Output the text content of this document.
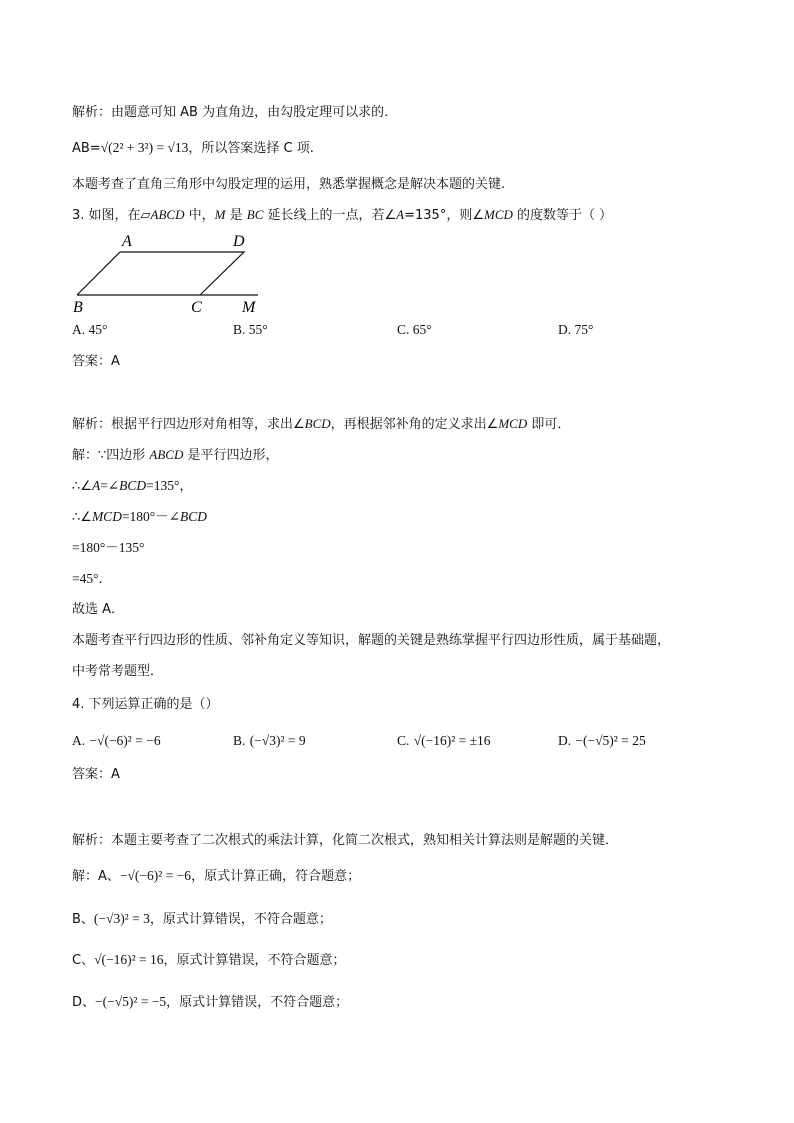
解析：由题意可知 AB 为直角边，由勾股定理可以求的.
AB=√(2² + 3²) = √13，所以答案选择 C 项.
本题考查了直角三角形中勾股定理的运用，熟悉掌握概念是解决本题的关键.
3. 如图，在▱ABCD 中，M 是 BC 延长线上的一点，若∠A=135°，则∠MCD 的度数等于（ ）
A	D
B	C	M
A. 45°	B. 55°	C. 65°	D. 75°
答案：A
解析：根据平行四边形对角相等，求出∠BCD，再根据邻补角的定义求出∠MCD 即可．
解：∵四边形 ABCD 是平行四边形，
∴∠A=∠BCD=135°，
∴∠MCD=180°－∠BCD
=180°－135°
=45°．
故选 A．
本题考查平行四边形的性质、邻补角定义等知识，解题的关键是熟练掌握平行四边形性质，属于基础题，
中考常考题型．
4. 下列运算正确的是（）
A. −√(−6)² = −6	B. (−√3)² = 9	C. √(−16)² = ±16	D. −(−√5)² = 25
答案：A
解析：本题主要考查了二次根式的乘法计算，化简二次根式，熟知相关计算法则是解题的关键．
解：A、−√(−6)² = −6，原式计算正确，符合题意；
B、(−√3)² = 3，原式计算错误，不符合题意；
C、√(−16)² = 16，原式计算错误，不符合题意；
D、−(−√5)² = −5，原式计算错误，不符合题意；
